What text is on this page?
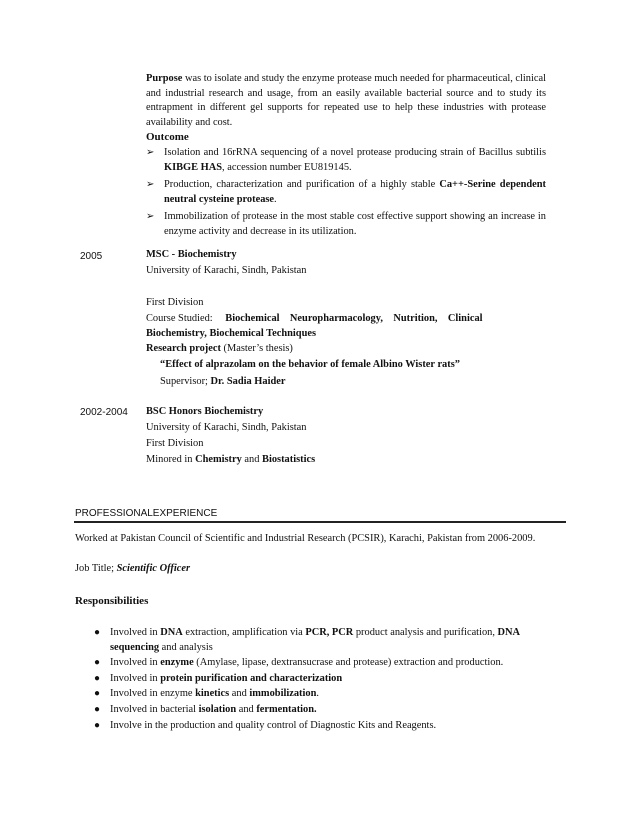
Purpose was to isolate and study the enzyme protease much needed for pharmaceutical, clinical and industrial research and usage, from an easily available bacterial source and to study its entrapment in different gel supports for repeated use to help these industries with protease availability and cost.
Outcome
➢ Isolation and 16rRNA sequencing of a novel protease producing strain of Bacillus subtilis KIBGE HAS, accession number EU819145.
➢ Production, characterization and purification of a highly stable Ca++-Serine dependent neutral cysteine protease.
➢ Immobilization of protease in the most stable cost effective support showing an increase in enzyme activity and decrease in its utilization.
2005	MSC - Biochemistry
University of Karachi, Sindh, Pakistan
First Division
Course Studied: Biochemical    Neuropharmacology,    Nutrition,    Clinical
Biochemistry, Biochemical Techniques
Research project (Master’s thesis)
“Effect of alprazolam on the behavior of female Albino Wister rats”
Supervisor; Dr. Sadia Haider
2002-2004 BSC Honors Biochemistry
University of Karachi, Sindh, Pakistan
First Division
Minored in Chemistry and Biostatistics
PROFESSIONALEXPERIENCE
Worked at Pakistan Council of Scientific and Industrial Research (PCSIR), Karachi, Pakistan from 2006-2009.
Job Title; Scientific Officer
Responsibilities
● Involved in DNA extraction, amplification via PCR, PCR product analysis and purification, DNA sequencing and analysis
● Involved in enzyme (Amylase, lipase, dextransucrase and protease) extraction and production.
● Involved in protein purification and characterization
● Involved in enzyme kinetics and immobilization.
● Involved in bacterial isolation and fermentation.
● Involve in the production and quality control of Diagnostic Kits and Reagents.
